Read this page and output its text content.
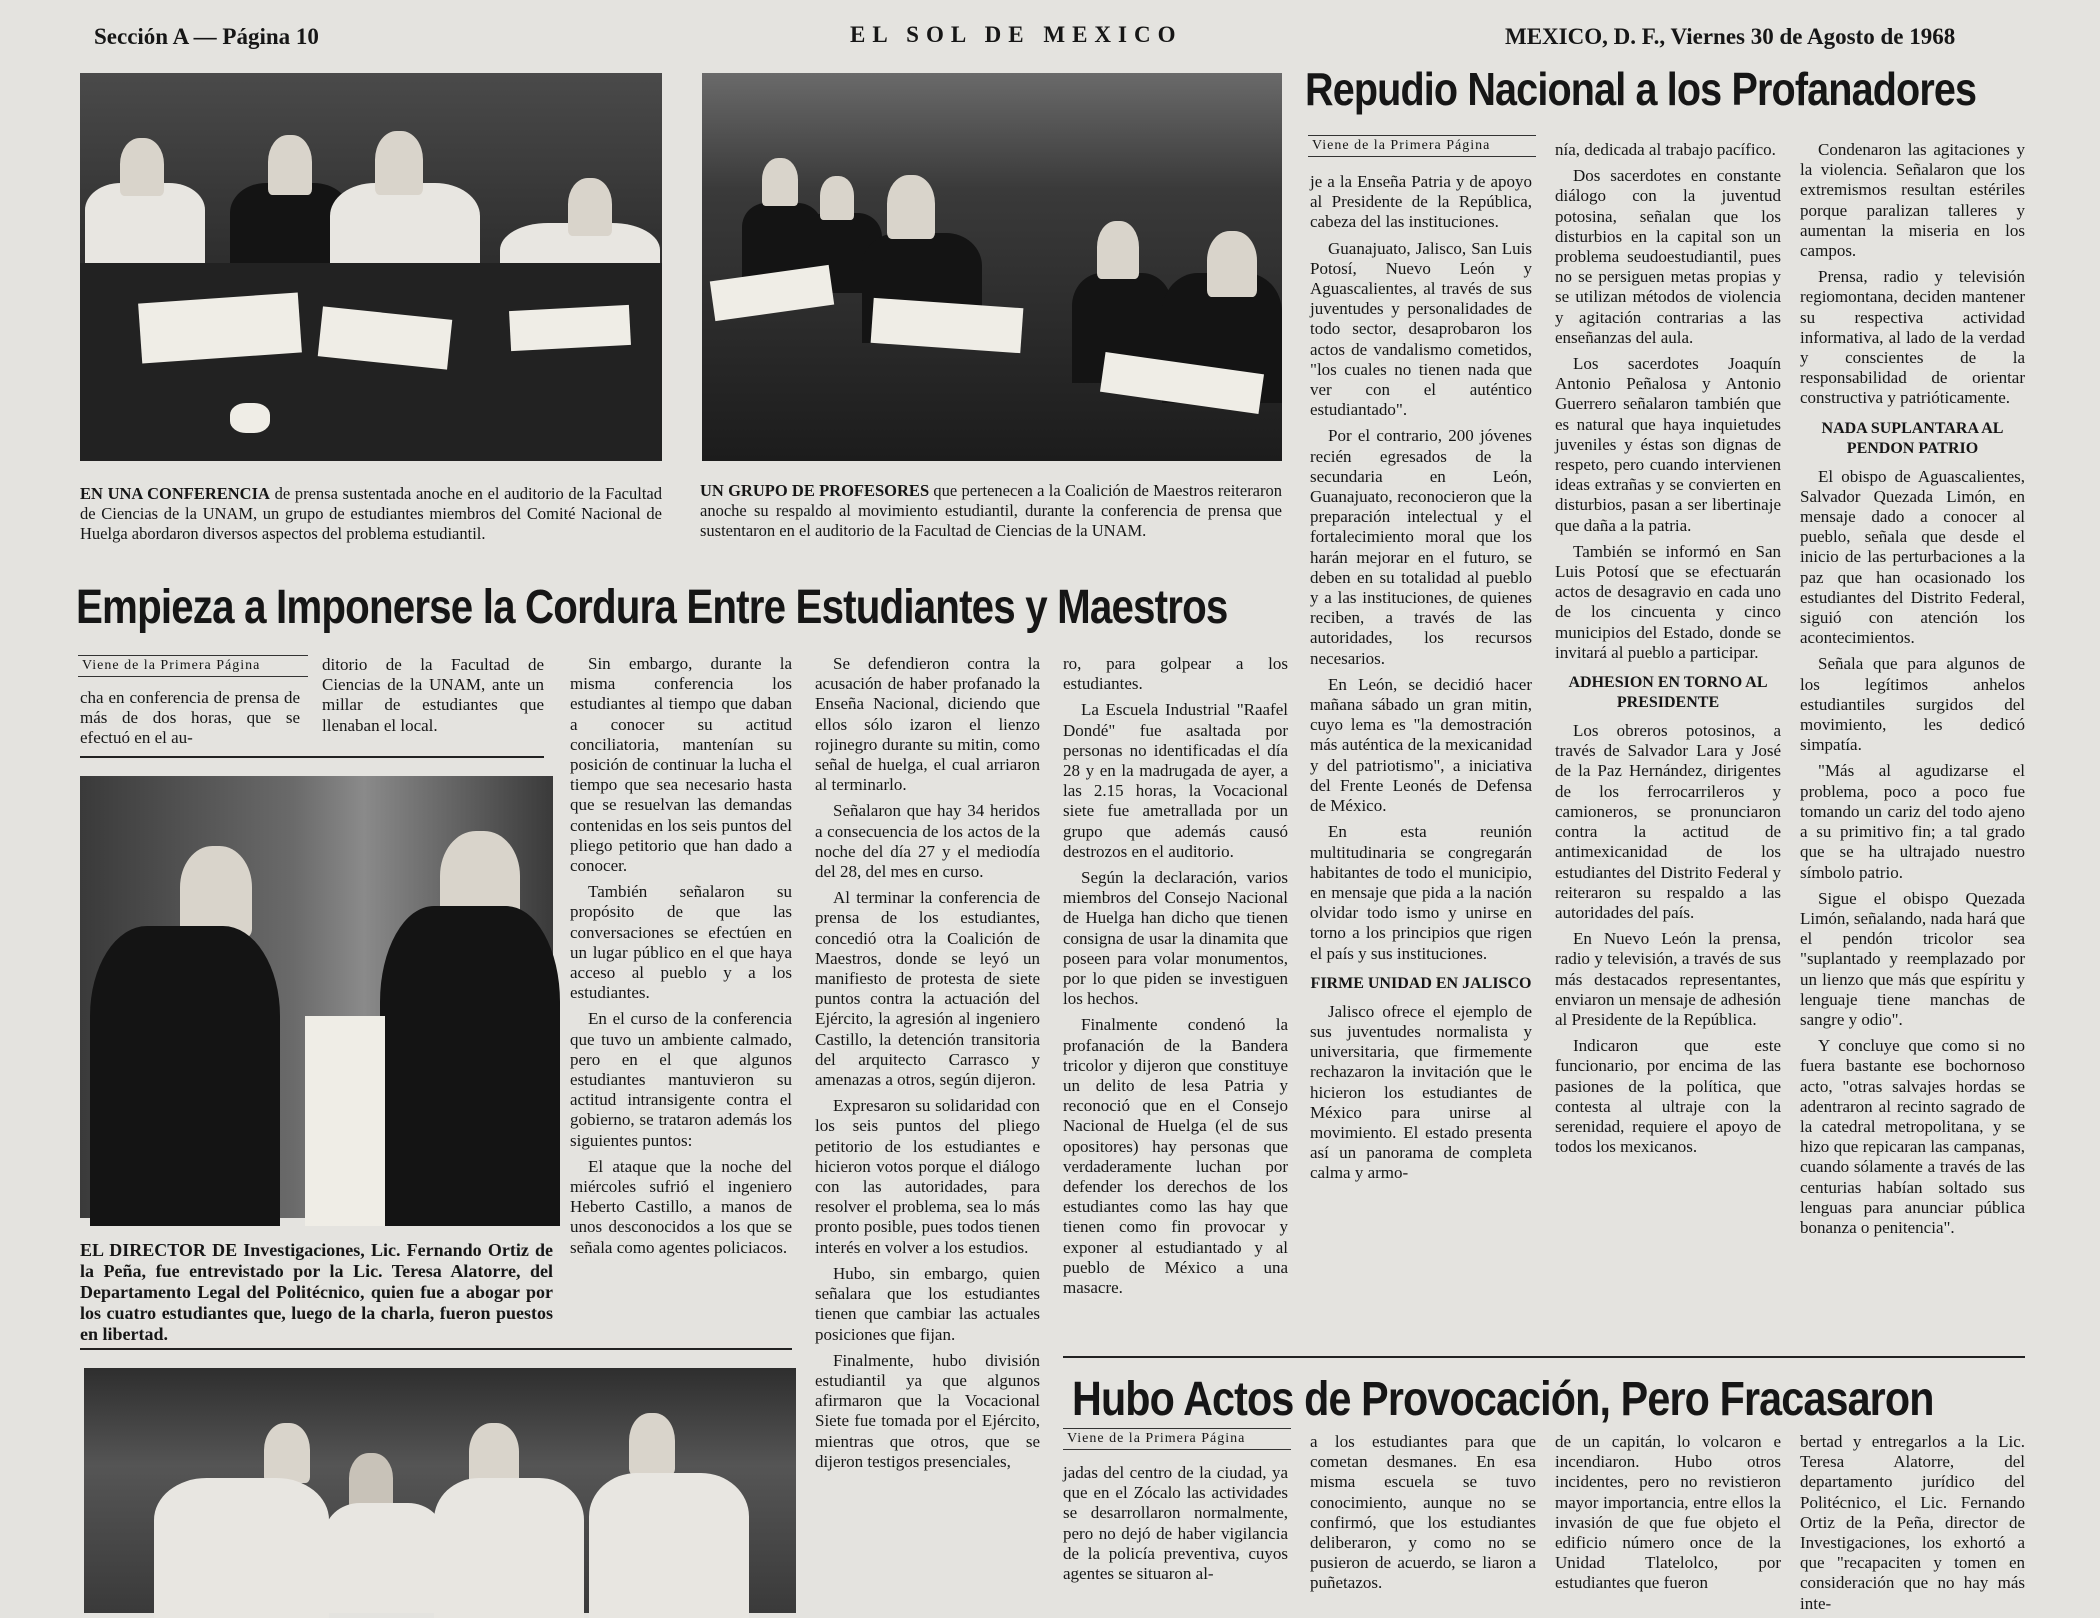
Sección A — Página 10	EL SOL DE MEXICO	MEXICO, D. F., Viernes 30 de Agosto de 1968
EN UNA CONFERENCIA de prensa sustentada anoche en el auditorio de la Facultad de Ciencias de la UNAM, un grupo de estudiantes miembros del Comité Nacional de Huelga abordaron diversos aspectos del problema estudiantil.
UN GRUPO DE PROFESORES que pertenecen a la Coalición de Maestros reiteraron anoche su respaldo al movimiento estudiantil, durante la conferencia de prensa que sustentaron en el auditorio de la Facultad de Ciencias de la UNAM.
Repudio Nacional a los Profanadores
Viene de la Primera Página

je a la Enseña Patria y de apoyo al Presidente de la República, cabeza del las instituciones.

Guanajuato, Jalisco, San Luis Potosí, Nuevo León y Aguascalientes, al través de sus juventudes y personalidades de todo sector, desaprobaron los actos de vandalismo cometidos, "los cuales no tienen nada que ver con el auténtico estudiantado".

Por el contrario, 200 jóvenes recién egresados de la secundaria en León, Guanajuato, reconocieron que la preparación intelectual y el fortalecimiento moral que los harán mejorar en el futuro, se deben en su totalidad al pueblo y a las instituciones, de quienes reciben, a través de las autoridades, los recursos necesarios.

En León, se decidió hacer mañana sábado un gran mitin, cuyo lema es "la demostración más auténtica de la mexicanidad y del patriotismo", a iniciativa del Frente Leonés de Defensa de México.

En esta reunión multitudinaria se congregarán habitantes de todo el municipio, en mensaje que pida a la nación olvidar todo ismo y unirse en torno a los principios que rigen el país y sus instituciones.

FIRME UNIDAD EN JALISCO

Jalisco ofrece el ejemplo de sus juventudes normalista y universitaria, que firmemente rechazaron la invitación que le hicieron los estudiantes de México para unirse al movimiento. El estado presenta así un panorama de completa calma y armo-

nía, dedicada al trabajo pacífico.

Dos sacerdotes en constante diálogo con la juventud potosina, señalan que los disturbios en la capital son un problema seudoestudiantil, pues no se persiguen metas propias y se utilizan métodos de violencia y agitación contrarias a las enseñanzas del aula.

Los sacerdotes Joaquín Antonio Peñalosa y Antonio Guerrero señalaron también que es natural que haya inquietudes juveniles y éstas son dignas de respeto, pero cuando intervienen ideas extrañas y se convierten en disturbios, pasan a ser libertinaje que daña a la patria.

También se informó en San Luis Potosí que se efectuarán actos de desagravio en cada uno de los cincuenta y cinco municipios del Estado, donde se invitará al pueblo a participar.

ADHESION EN TORNO AL PRESIDENTE

Los obreros potosinos, a través de Salvador Lara y José de la Paz Hernández, dirigentes de los ferrocarrileros y camioneros, se pronunciaron contra la actitud de antimexicanidad de los estudiantes del Distrito Federal y reiteraron su respaldo a las autoridades del país.

En Nuevo León la prensa, radio y televisión, a través de sus más destacados representantes, enviaron un mensaje de adhesión al Presidente de la República.

Indicaron que este funcionario, por encima de las pasiones de la política, que contesta al ultraje con la serenidad, requiere el apoyo de todos los mexicanos.

Condenaron las agitaciones y la violencia. Señalaron que los extremismos resultan estériles porque paralizan talleres y aumentan la miseria en los campos.

Prensa, radio y televisión regiomontana, deciden mantener su respectiva actividad informativa, al lado de la verdad y conscientes de la responsabilidad de orientar constructiva y patrióticamente.

NADA SUPLANTARA AL PENDON PATRIO

El obispo de Aguascalientes, Salvador Quezada Limón, en mensaje dado a conocer al pueblo, señala que desde el inicio de las perturbaciones a la paz que han ocasionado los estudiantes del Distrito Federal, siguió con atención los acontecimientos.

Señala que para algunos de los legítimos anhelos estudiantiles surgidos del movimiento, les dedicó simpatía.

"Más al agudizarse el problema, poco a poco fue tomando un cariz del todo ajeno a su primitivo fin; a tal grado que se ha ultrajado nuestro símbolo patrio.

Sigue el obispo Quezada Limón, señalando, nada hará que el pendón tricolor sea "suplantado y reemplazado por un lienzo que más que espíritu y lenguaje tiene manchas de sangre y odio".

Y concluye que como si no fuera bastante ese bochornoso acto, "otras salvajes hordas se adentraron al recinto sagrado de la catedral metropolitana, y se hizo que repicaran las campanas, cuando sólamente a través de las centurias habían soltado sus lenguas para anunciar pública bonanza o penitencia".

Empieza a Imponerse la Cordura Entre Estudiantes y Maestros
Viene de la Primera Página

cha en conferencia de prensa de más de dos horas, que se efectuó en el au-

ditorio de la Facultad de Ciencias de la UNAM, ante un millar de estudiantes que llenaban el local.

EL DIRECTOR DE Investigaciones, Lic. Fernando Ortiz de la Peña, fue entrevistado por la Lic. Teresa Alatorre, del Departamento Legal del Politécnico, quien fue a abogar por los cuatro estudiantes que, luego de la charla, fueron puestos en libertad.

Sin embargo, durante la misma conferencia los estudiantes al tiempo que daban a conocer su actitud conciliatoria, mantenían su posición de continuar la lucha el tiempo que sea necesario hasta que se resuelvan las demandas contenidas en los seis puntos del pliego petitorio que han dado a conocer.

También señalaron su propósito de que las conversaciones se efectúen en un lugar público en el que haya acceso al pueblo y a los estudiantes.

En el curso de la conferencia que tuvo un ambiente calmado, pero en el que algunos estudiantes mantuvieron su actitud intransigente contra el gobierno, se trataron además los siguientes puntos:

El ataque que la noche del miércoles sufrió el ingeniero Heberto Castillo, a manos de unos desconocidos a los que se señala como agentes policiacos.

Se defendieron contra la acusación de haber profanado la Enseña Nacional, diciendo que ellos sólo izaron el lienzo rojinegro durante su mitin, como señal de huelga, el cual arriaron al terminarlo.

Señalaron que hay 34 heridos a consecuencia de los actos de la noche del día 27 y el mediodía del 28, del mes en curso.

Al terminar la conferencia de prensa de los estudiantes, concedió otra la Coalición de Maestros, donde se leyó un manifiesto de protesta de siete puntos contra la actuación del Ejército, la agresión al ingeniero Castillo, la detención transitoria del arquitecto Carrasco y amenazas a otros, según dijeron.

Expresaron su solidaridad con los seis puntos del pliego petitorio de los estudiantes e hicieron votos porque el diálogo con las autoridades, para resolver el problema, sea lo más pronto posible, pues todos tienen interés en volver a los estudios.

Hubo, sin embargo, quien señalara que los estudiantes tienen que cambiar las actuales posiciones que fijan.

Finalmente, hubo división estudiantil ya que algunos afirmaron que la Vocacional Siete fue tomada por el Ejército, mientras que otros, que se dijeron testigos presenciales,

ro, para golpear a los estudiantes.

La Escuela Industrial "Raafel Dondé" fue asaltada por personas no identificadas el día 28 y en la madrugada de ayer, a las 2.15 horas, la Vocacional siete fue ametrallada por un grupo que además causó destrozos en el auditorio.

Según la declaración, varios miembros del Consejo Nacional de Huelga han dicho que tienen consigna de usar la dinamita que poseen para volar monumentos, por lo que piden se investiguen los hechos.

Finalmente condenó la profanación de la Bandera tricolor y dijeron que constituye un delito de lesa Patria y reconoció que en el Consejo Nacional de Huelga (el de sus opositores) hay personas que verdaderamente luchan por defender los derechos de los estudiantes como las hay que tienen como fin provocar y exponer al estudiantado y al pueblo de México a una masacre.

Hubo Actos de Provocación, Pero Fracasaron
Viene de la Primera Página

jadas del centro de la ciudad, ya que en el Zócalo las actividades se desarrollaron normalmente, pero no dejó de haber vigilancia de la policía preventiva, cuyos agentes se situaron al-

a los estudiantes para que cometan desmanes. En esa misma escuela se tuvo conocimiento, aunque no se confirmó, que los estudiantes deliberaron, y como no se pusieron de acuerdo, se liaron a puñetazos.

de un capitán, lo volcaron e incendiaron. Hubo otros incidentes, pero no revistieron mayor importancia, entre ellos la invasión de que fue objeto el edificio número once de la Unidad Tlatelolco, por estudiantes que fueron

bertad y entregarlos a la Lic. Teresa Alatorre, del departamento jurídico del Politécnico, el Lic. Fernando Ortiz de la Peña, director de Investigaciones, los exhortó a que "recapaciten y tomen en consideración que no hay más inte-
